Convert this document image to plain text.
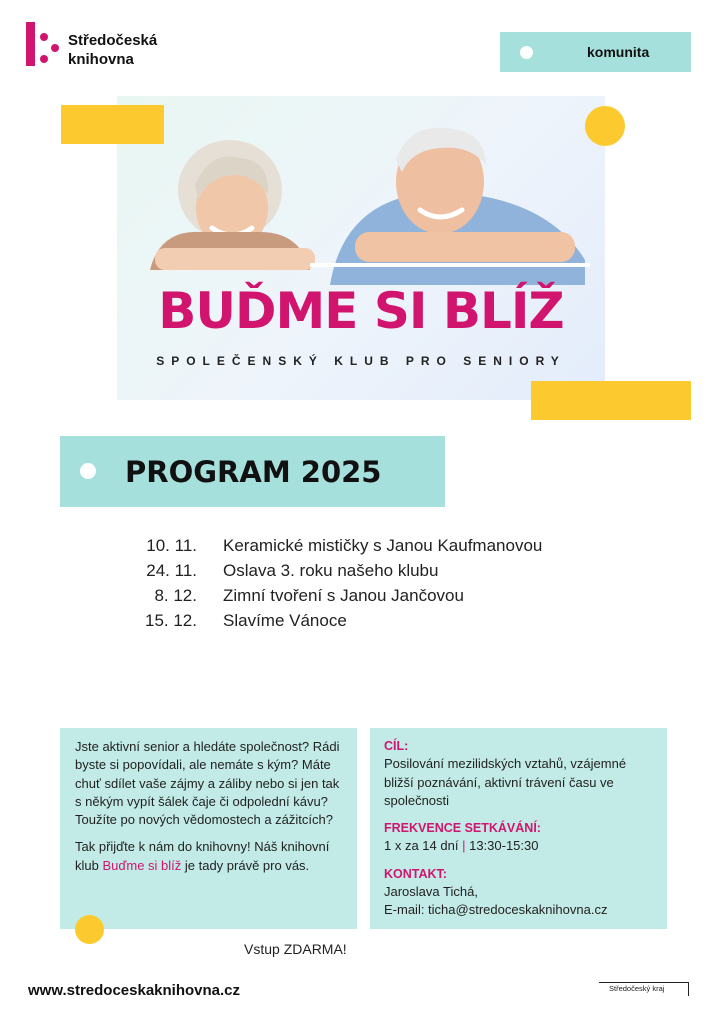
Středočeská
knihovna	komunita
BUĎME SI BLÍŽ
SPOLEČENSKÝ KLUB PRO SENIORY
PROGRAM 2025
10. 11. Keramické mističky s Janou Kaufmanovou
24. 11. Oslava 3. roku našeho klubu
8. 12. Zimní tvoření s Janou Jančovou
15. 12. Slavíme Vánoce

Jste aktivní senior a hledáte společnost? Rádi byste si popovídali, ale nemáte s kým? Máte chuť sdílet vaše zájmy a záliby nebo si jen tak s někým vypít šálek čaje či odpolední kávu? Toužíte po nových vědomostech a zážitcích?

Tak přijďte k nám do knihovny! Náš knihovní klub Buďme si blíž je tady právě pro vás.

CÍL:
Posilování mezilidských vztahů, vzájemné bližší poznávání, aktivní trávení času ve společnosti
FREKVENCE SETKÁVÁNÍ:
1 x za 14 dní | 13:30-15:30
KONTAKT:
Jaroslava Tichá,
E-mail: ticha@stredoceskaknihovna.cz
Vstup ZDARMA!
www.stredoceskaknihovna.cz	Středočeský kraj
